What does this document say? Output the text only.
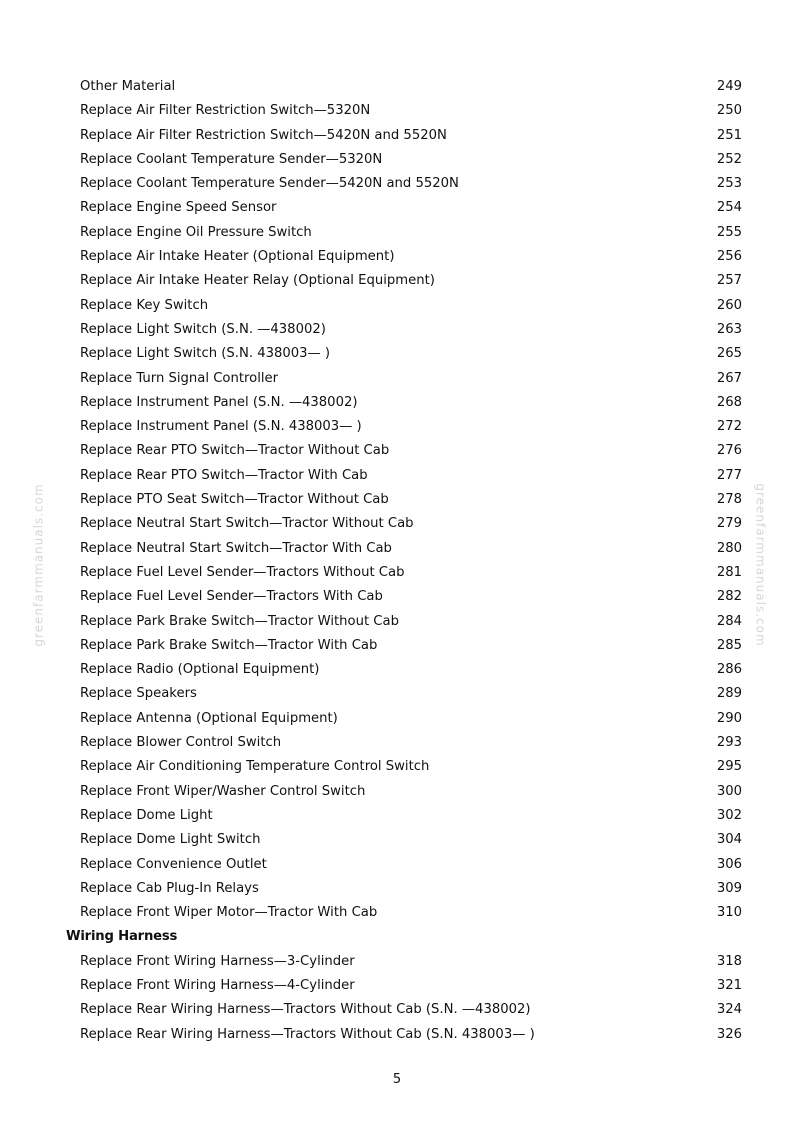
Other Material	249
Replace Air Filter Restriction Switch—5320N	250
Replace Air Filter Restriction Switch—5420N and 5520N	251
Replace Coolant Temperature Sender—5320N	252
Replace Coolant Temperature Sender—5420N and 5520N	253
Replace Engine Speed Sensor	254
Replace Engine Oil Pressure Switch	255
Replace Air Intake Heater (Optional Equipment)	256
Replace Air Intake Heater Relay (Optional Equipment)	257
Replace Key Switch	260
Replace Light Switch (S.N. —438002)	263
Replace Light Switch (S.N. 438003— )	265
Replace Turn Signal Controller	267
Replace Instrument Panel (S.N. —438002)	268
Replace Instrument Panel (S.N. 438003— )	272
Replace Rear PTO Switch—Tractor Without Cab	276
Replace Rear PTO Switch—Tractor With Cab	277
Replace PTO Seat Switch—Tractor Without Cab	278
Replace Neutral Start Switch—Tractor Without Cab	279
Replace Neutral Start Switch—Tractor With Cab	280
Replace Fuel Level Sender—Tractors Without Cab	281
Replace Fuel Level Sender—Tractors With Cab	282
Replace Park Brake Switch—Tractor Without Cab	284
Replace Park Brake Switch—Tractor With Cab	285
Replace Radio (Optional Equipment)	286
Replace Speakers	289
Replace Antenna (Optional Equipment)	290
Replace Blower Control Switch	293
Replace Air Conditioning Temperature Control Switch	295
Replace Front Wiper/Washer Control Switch	300
Replace Dome Light	302
Replace Dome Light Switch	304
Replace Convenience Outlet	306
Replace Cab Plug-In Relays	309
Replace Front Wiper Motor—Tractor With Cab	310
Wiring Harness
Replace Front Wiring Harness—3-Cylinder	318
Replace Front Wiring Harness—4-Cylinder	321
Replace Rear Wiring Harness—Tractors Without Cab (S.N. —438002)	324
Replace Rear Wiring Harness—Tractors Without Cab (S.N. 438003— )	326
greenfarmmanuals.com	greenfarmmanuals.com
5
